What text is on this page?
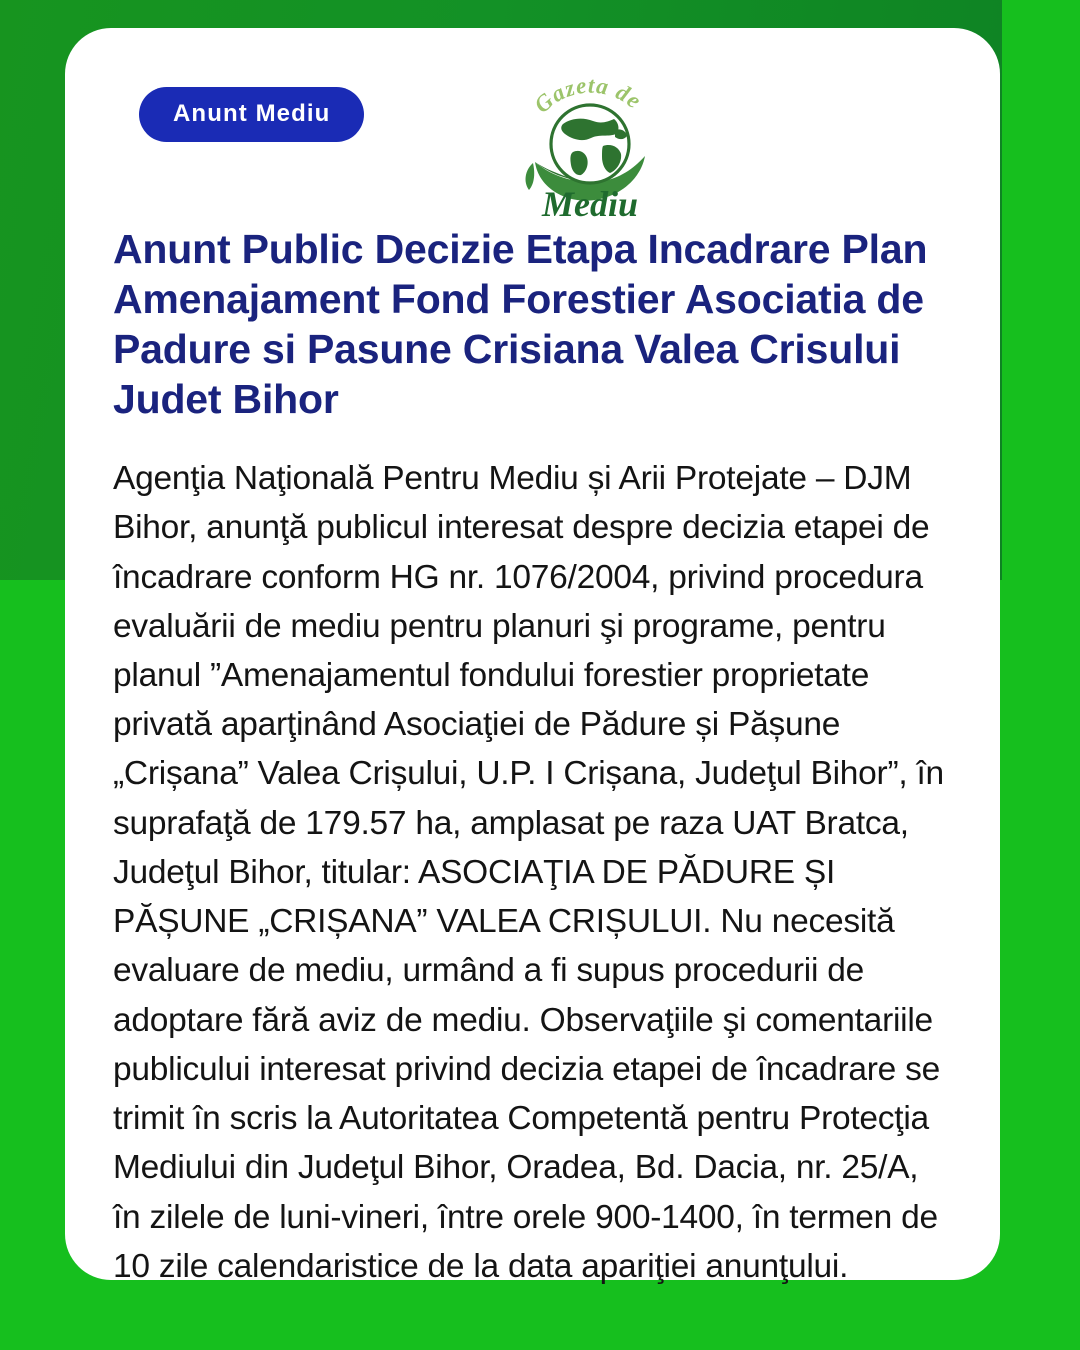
Anunt Mediu	Gazeta de
Mediu
Anunt Public Decizie Etapa Incadrare Plan Amenajament Fond Forestier Asociatia de Padure si Pasune Crisiana Valea Crisului Judet Bihor

Agenţia Naţională Pentru Mediu și Arii Protejate – DJM Bihor, anunţă publicul interesat despre decizia etapei de încadrare conform HG nr. 1076/2004, privind procedura evaluării de mediu pentru planuri şi programe, pentru planul ”Amenajamentul fondului forestier proprietate privată aparţinând Asociaţiei de Pădure și Pășune „Crișana” Valea Crișului, U.P. I Crișana, Judeţul Bihor”, în suprafaţă de 179.57 ha, amplasat pe raza UAT Bratca, Judeţul Bihor, titular: ASOCIAŢIA DE PĂDURE ȘI PĂȘUNE „CRIȘANA” VALEA CRIȘULUI. Nu necesită evaluare de mediu, urmând a fi supus procedurii de adoptare fără aviz de mediu. Observaţiile şi comentariile publicului interesat privind decizia etapei de încadrare se trimit în scris la Autoritatea Competentă pentru Protecţia Mediului din Judeţul Bihor, Oradea, Bd. Dacia, nr. 25/A, în zilele de luni-vineri, între orele 900-1400, în termen de 10 zile calendaristice de la data apariţiei anunţului.
